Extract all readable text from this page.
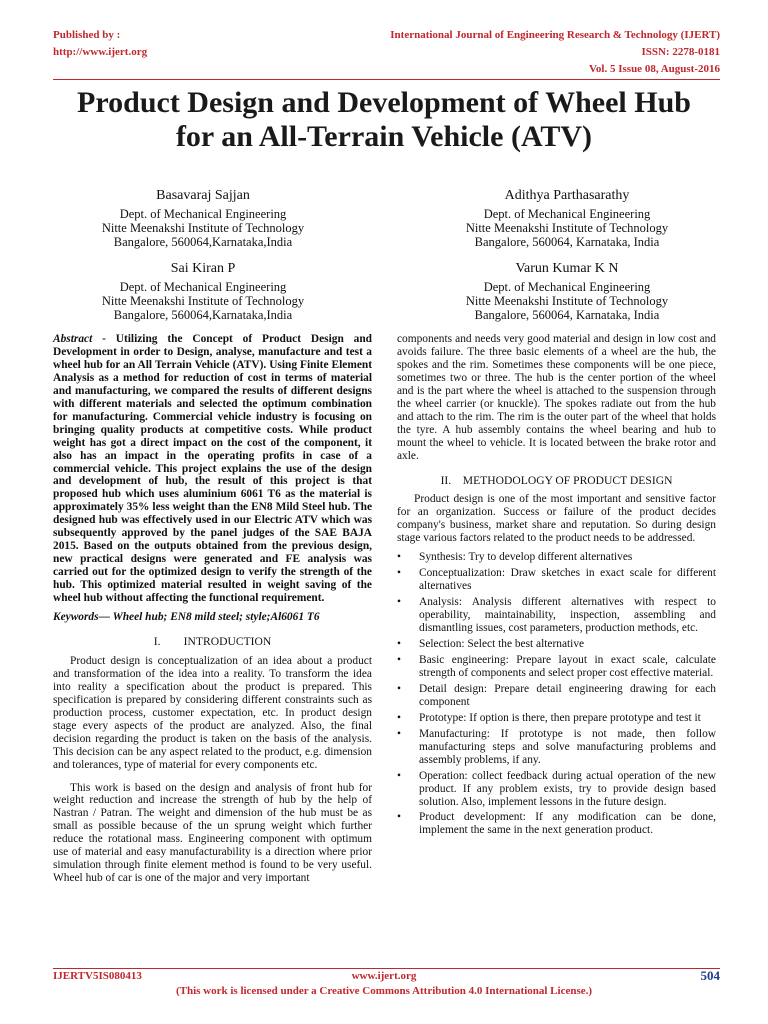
Published by :
http://www.ijert.org
International Journal of Engineering Research & Technology (IJERT)
ISSN: 2278-0181
Vol. 5 Issue 08, August-2016
Product Design and Development of Wheel Hub
for an All-Terrain Vehicle (ATV)
Basavaraj Sajjan
Dept. of Mechanical Engineering
Nitte Meenakshi Institute of Technology
Bangalore, 560064,Karnataka,India
Adithya Parthasarathy
Dept. of Mechanical Engineering
Nitte Meenakshi Institute of Technology
Bangalore, 560064, Karnataka, India
Sai Kiran P
Dept. of Mechanical Engineering
Nitte Meenakshi Institute of Technology
Bangalore, 560064,Karnataka,India
Varun Kumar K N
Dept. of Mechanical Engineering
Nitte Meenakshi Institute of Technology
Bangalore, 560064, Karnataka, India

Abstract - Utilizing the Concept of Product Design and Development in order to Design, analyse, manufacture and test a wheel hub for an All Terrain Vehicle (ATV). Using Finite Element Analysis as a method for reduction of cost in terms of material and manufacturing, we compared the results of different designs with different materials and selected the optimum combination for manufacturing. Commercial vehicle industry is focusing on bringing quality products at competitive costs. While product weight has got a direct impact on the cost of the component, it also has an impact in the operating profits in case of a commercial vehicle. This project explains the use of the design and development of hub, the result of this project is that proposed hub which uses aluminium 6061 T6 as the material is approximately 35% less weight than the EN8 Mild Steel hub. The designed hub was effectively used in our Electric ATV which was subsequently approved by the panel judges of the SAE BAJA 2015. Based on the outputs obtained from the previous design, new practical designs were generated and FE analysis was carried out for the optimized design to verify the strength of the hub. This optimized material resulted in weight saving of the wheel hub without affecting the functional requirement.

Keywords— Wheel hub; EN8 mild steel; style;Al6061 T6

I.        INTRODUCTION

Product design is conceptualization of an idea about a product and transformation of the idea into a reality. To transform the idea into reality a specification about the product is prepared. This specification is prepared by considering different constraints such as production process, customer expectation, etc. In product design stage every aspects of the product are analyzed. Also, the final decision regarding the product is taken on the basis of the analysis. This decision can be any aspect related to the product, e.g. dimension and tolerances, type of material for every components etc.

This work is based on the design and analysis of front hub for weight reduction and increase the strength of hub by the help of Nastran / Patran. The weight and dimension of the hub must be as small as possible because of the un sprung weight which further reduce the rotational mass. Engineering component with optimum use of material and easy manufacturability is a direction where prior simulation through finite element method is found to be very useful. Wheel hub of car is one of the major and very important

components and needs very good material and design in low cost and avoids failure. The three basic elements of a wheel are the hub, the spokes and the rim. Sometimes these components will be one piece, sometimes two or three. The hub is the center portion of the wheel and is the part where the wheel is attached to the suspension through the wheel carrier (or knuckle). The spokes radiate out from the hub and attach to the rim. The rim is the outer part of the wheel that holds the tyre. A hub assembly contains the wheel bearing and hub to mount the wheel to vehicle. It is located between the brake rotor and axle.

II.    METHODOLOGY OF PRODUCT DESIGN

Product design is one of the most important and sensitive factor for an organization. Success or failure of the product decides company's business, market share and reputation. So during design stage various factors related to the product needs to be addressed.

• Synthesis: Try to develop different alternatives
• Conceptualization: Draw sketches in exact scale for different alternatives
• Analysis: Analysis different alternatives with respect to operability, maintainability, inspection, assembling and dismantling issues, cost parameters, production methods, etc.
• Selection: Select the best alternative
• Basic engineering: Prepare layout in exact scale, calculate strength of components and select proper cost effective material.
• Detail design: Prepare detail engineering drawing for each component
• Prototype: If option is there, then prepare prototype and test it
• Manufacturing: If prototype is not made, then follow manufacturing steps and solve manufacturing problems and assembly problems, if any.
• Operation: collect feedback during actual operation of the new product. If any problem exists, try to provide design based solution. Also, implement lessons in the future design.
• Product development: If any modification can be done, implement the same in the next generation product.
IJERTV5IS080413	www.ijert.org	504
(This work is licensed under a Creative Commons Attribution 4.0 International License.)
